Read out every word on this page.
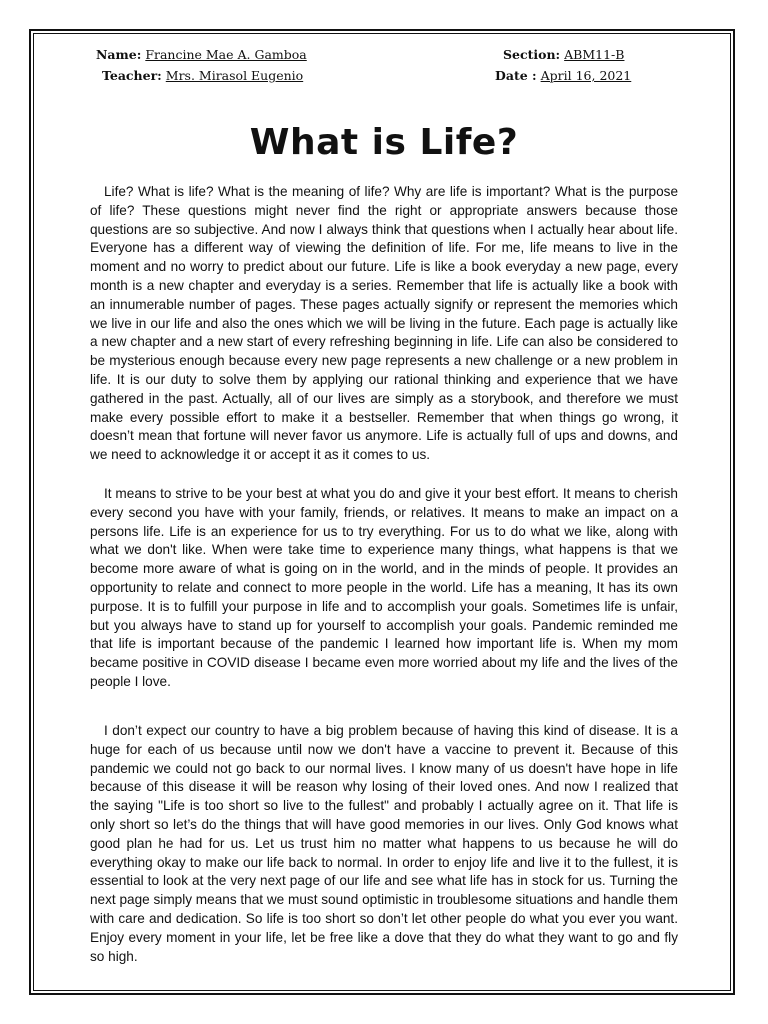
Name: Francine Mae A. Gamboa
Teacher: Mrs. Mirasol Eugenio
Section: ABM11-B
Date : April 16, 2021
What is Life?

Life? What is life? What is the meaning of life? Why are life is important? What is the purpose of life? These questions might never find the right or appropriate answers because those questions are so subjective. And now I always think that questions when I actually hear about life. Everyone has a different way of viewing the definition of life. For me, life means to live in the moment and no worry to predict about our future. Life is like a book everyday a new page, every month is a new chapter and everyday is a series. Remember that life is actually like a book with an innumerable number of pages. These pages actually signify or represent the memories which we live in our life and also the ones which we will be living in the future. Each page is actually like a new chapter and a new start of every refreshing beginning in life. Life can also be considered to be mysterious enough because every new page represents a new challenge or a new problem in life. It is our duty to solve them by applying our rational thinking and experience that we have gathered in the past. Actually, all of our lives are simply as a storybook, and therefore we must make every possible effort to make it a bestseller. Remember that when things go wrong, it doesn’t mean that fortune will never favor us anymore. Life is actually full of ups and downs, and we need to acknowledge it or accept it as it comes to us.

It means to strive to be your best at what you do and give it your best effort. It means to cherish every second you have with your family, friends, or relatives. It means to make an impact on a persons life. Life is an experience for us to try everything. For us to do what we like, along with what we don't like. When were take time to experience many things, what happens is that we become more aware of what is going on in the world, and in the minds of people. It provides an opportunity to relate and connect to more people in the world. Life has a meaning, It has its own purpose. It is to fulfill your purpose in life and to accomplish your goals. Sometimes life is unfair, but you always have to stand up for yourself to accomplish your goals. Pandemic reminded me that life is important because of the pandemic I learned how important life is. When my mom became positive in COVID disease I became even more worried about my life and the lives of the people I love.

I don’t expect our country to have a big problem because of having this kind of disease. It is a huge for each of us because until now we don't have a vaccine to prevent it. Because of this pandemic we could not go back to our normal lives. I know many of us doesn't have hope in life because of this disease it will be reason why losing of their loved ones. And now I realized that the saying "Life is too short so live to the fullest" and probably I actually agree on it. That life is only short so let’s do the things that will have good memories in our lives. Only God knows what good plan he had for us. Let us trust him no matter what happens to us because he will do everything okay to make our life back to normal. In order to enjoy life and live it to the fullest, it is essential to look at the very next page of our life and see what life has in stock for us. Turning the next page simply means that we must sound optimistic in troublesome situations and handle them with care and dedication. So life is too short so don’t let other people do what you ever you want. Enjoy every moment in your life, let be free like a dove that they do what they want to go and fly so high.
